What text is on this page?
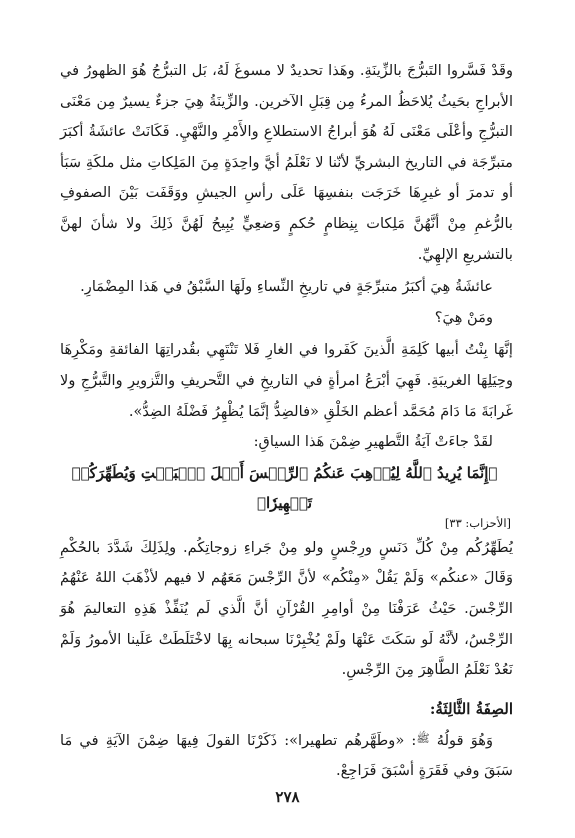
وقَدْ فَسَّروا التَبرُّجَ بالزِّينَةِ. وهَذا تحديدٌ لا مسوغَ لَهُ، بَل التبرُّجُ هُوَ الظهورُ في الأبراجِ بحَيثُ يُلاحَظُ المرءُ مِن قِبَلِ الآخرين. والزِّينَةُ هِيَ جزءٌ يسيرٌ مِن مَعْنَى التبرُّجِ وأعْلَى مَعْنَى لَهُ هُوَ أبراجُ الاستطلاعِ والأَمْرِ والنَّهْيِ. فَكَانَتْ عائشَةُ أكبَرَ متبرِّجَة في التاريخ البشريِّ لأنّنا لا نَعْلَمُ أيَّ واحِدَةٍ مِنَ المَلِكاتِ مثل ملكَةِ سَبَأ أو تدمرَ أو غيرِهَا خَرَجَت بنفسِهَا عَلَى رأسِ الجيشِ ووَقَفَت بَيْنَ الصفوفِ بالرُّغمِ مِنْ أنَّهُنَّ مَلِكات بِنِظامٍ حُكمٍ وَضعِيٍّ يُبِيحُ لَهُنَّ ذَلِكَ ولا شأنَ لهنَّ بالتشريعِ الإلهِيِّ.

عائشَةُ هِيَ أكبَرُ متبرِّجَةٍ في تاريخِ النِّساءِ ولَهَا السَّبْقُ في هَذا المِضْمَارِ.

ومَنْ هِيَ؟

إنَّهَا بِنْتُ أبيها كَلِمَةِ الَّذينَ كَفَروا في الغارِ فَلا تَنْتَهِي بقُدراتِهَا الفائقةِ ومَكْرِهَا وحِيَلِهَا الغريبَةِ. فَهِيَ أبْرَعُ امرأةٍ في التاريخِ في التَّحريفِ والتَّزويرِ والتَّبرُّجِ ولا غَرابَةَ مَا دَامَ مُحَمَّد أعظم الخَلْقِ «فالضِدُّ إنَّمَا يُظْهِرُ فَضْلَهُ الضِدُّ».

لقَدْ جاءَتْ آيَةُ التَّطهيرِ ضِمْنَ هَذا السياقِ:

﴿إِنَّمَا يُرِيدُ ٱللَّهُ لِيُذۡهِبَ عَنكُمُ ٱلرِّجۡسَ أَهۡلَ ٱلۡبَيۡتِ وَيُطَهِّرَكُمۡ تَطۡهِيرٗا﴾

[الأحزاب: ٣٣]

يُطَهِّرُكُم مِنْ كُلِّ دَنَسٍ ورِجْسٍ ولو مِنْ جَراءِ زوجاتِكُم. ولِذَلِكَ شَدَّدَ بالحُكْمِ وَقَالَ «عنكُم» وَلَمْ يَقُلْ «مِنْكُم» لأنَّ الرِّجْسَ مَعَهُم لا فيهم لأذْهَبَ اللهُ عَنْهُمُ الرِّجْسَ. حَيْثُ عَرَفْنَا مِنْ أوامِرِ القُرْآنِ أنَّ الَّذي لَم يُنَفِّذْ هَذِهِ التعاليمَ هُوَ الرِّجْسُ، لأنَّهُ لَو سَكَتَ عَنْهَا ولَمْ يُخْبِرْنَا سبحانه بِهَا لاخْتَلَطَتْ عَلَينا الأمورُ وَلَمْ نَعُدْ نَعْلَمُ الطَّاهِرَ مِنَ الرِّجْسِ.

الصِفَةُ الثَّالِثَةُ:

وَهُوَ قولُهُ $^ﷺ$: «وطَهَّرهُم تطهيرا»: ذَكَرْنَا القولَ فِيهَا ضِمْنَ الآيَةِ في مَا سَبَقَ وفي فَقَرَةٍ أسْبَقَ فَرَاجِعْ.

٢٧٨
